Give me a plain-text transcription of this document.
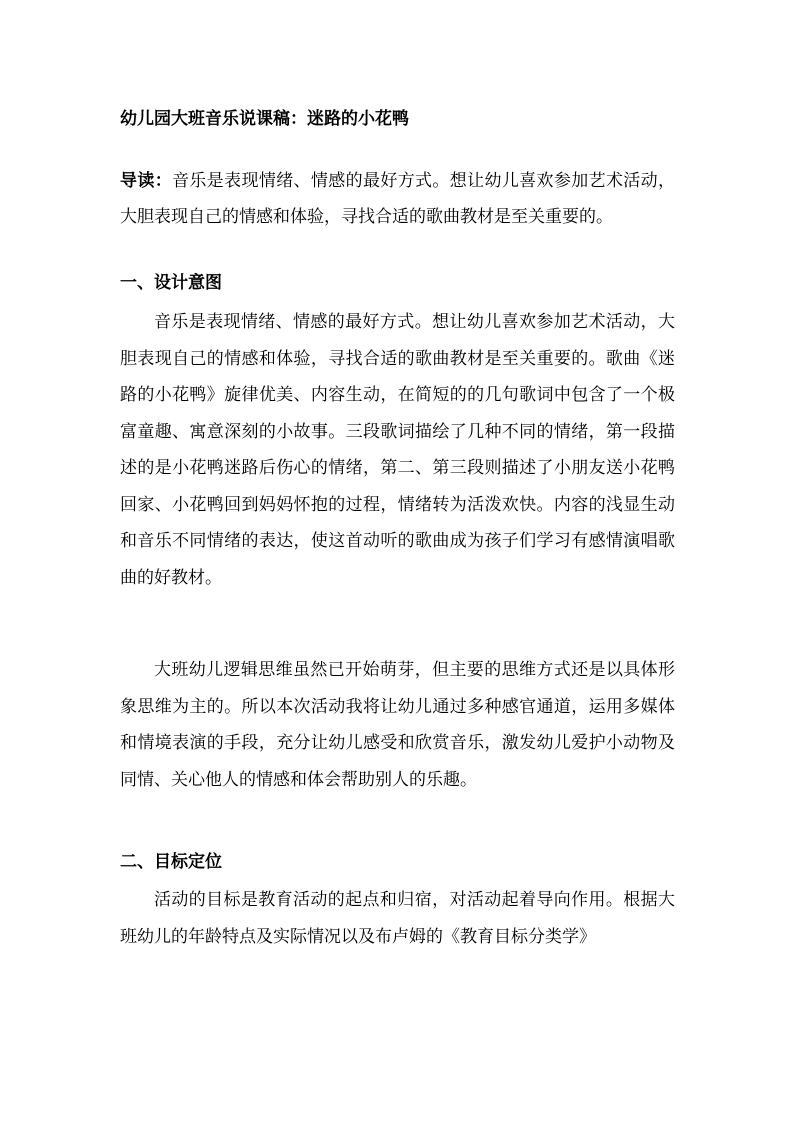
幼儿园大班音乐说课稿：迷路的小花鸭

导读：音乐是表现情绪、情感的最好方式。想让幼儿喜欢参加艺术活动，大胆表现自己的情感和体验，寻找合适的歌曲教材是至关重要的。

一、设计意图

音乐是表现情绪、情感的最好方式。想让幼儿喜欢参加艺术活动，大胆表现自己的情感和体验，寻找合适的歌曲教材是至关重要的。歌曲《迷路的小花鸭》旋律优美、内容生动，在简短的的几句歌词中包含了一个极富童趣、寓意深刻的小故事。三段歌词描绘了几种不同的情绪，第一段描述的是小花鸭迷路后伤心的情绪，第二、第三段则描述了小朋友送小花鸭回家、小花鸭回到妈妈怀抱的过程，情绪转为活泼欢快。内容的浅显生动和音乐不同情绪的表达，使这首动听的歌曲成为孩子们学习有感情演唱歌曲的好教材。

大班幼儿逻辑思维虽然已开始萌芽，但主要的思维方式还是以具体形象思维为主的。所以本次活动我将让幼儿通过多种感官通道，运用多媒体和情境表演的手段，充分让幼儿感受和欣赏音乐，激发幼儿爱护小动物及同情、关心他人的情感和体会帮助别人的乐趣。

二、目标定位

活动的目标是教育活动的起点和归宿，对活动起着导向作用。根据大班幼儿的年龄特点及实际情况以及布卢姆的《教育目标分类学》
